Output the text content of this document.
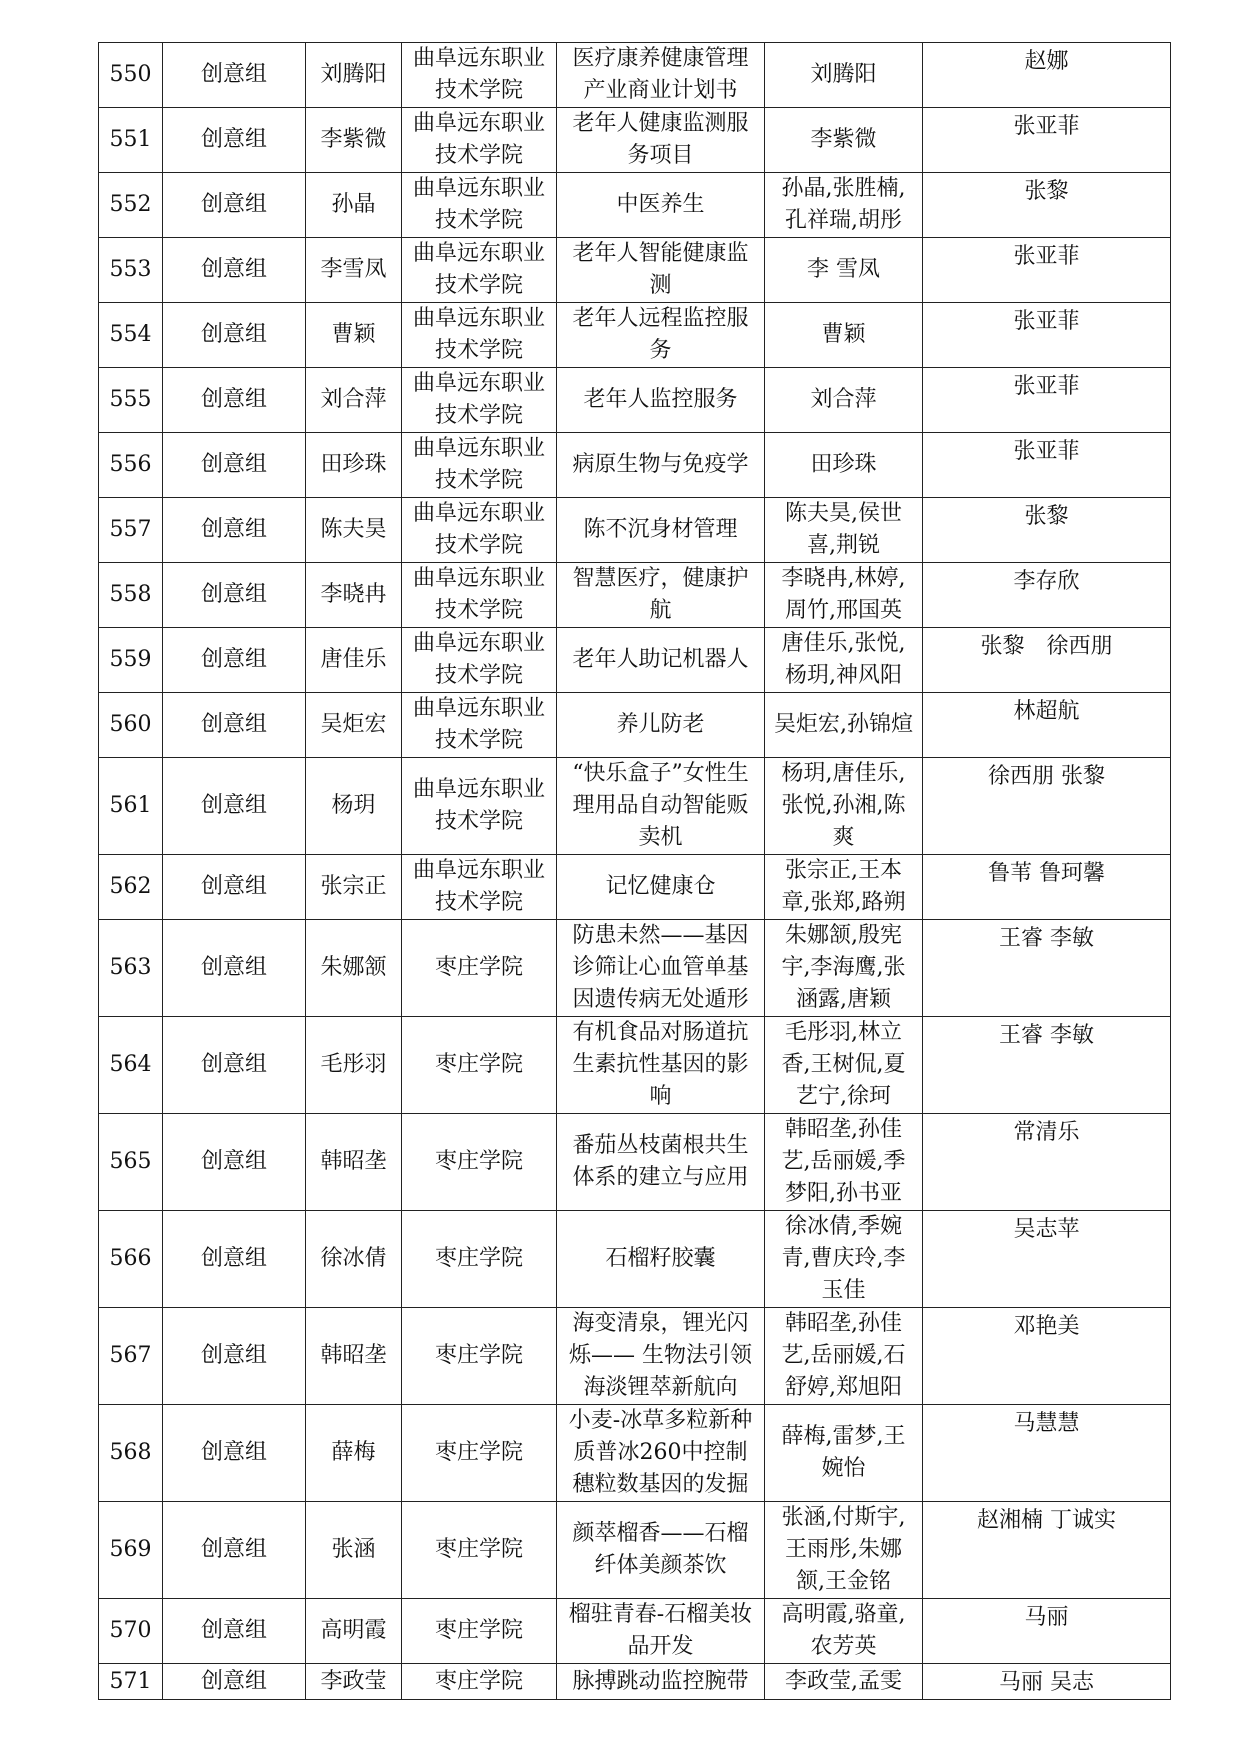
550	创意组	刘腾阳	曲阜远东职业技术学院	医疗康养健康管理产业商业计划书	刘腾阳	赵娜
551	创意组	李紫微	曲阜远东职业技术学院	老年人健康监测服务项目	李紫微	张亚菲
552	创意组	孙晶	曲阜远东职业技术学院	中医养生	孙晶,张胜楠,孔祥瑞,胡彤	张黎
553	创意组	李雪凤	曲阜远东职业技术学院	老年人智能健康监测	李 雪凤	张亚菲
554	创意组	曹颖	曲阜远东职业技术学院	老年人远程监控服务	曹颖	张亚菲
555	创意组	刘合萍	曲阜远东职业技术学院	老年人监控服务	刘合萍	张亚菲
556	创意组	田珍珠	曲阜远东职业技术学院	病原生物与免疫学	田珍珠	张亚菲
557	创意组	陈夫昊	曲阜远东职业技术学院	陈不沉身材管理	陈夫昊,侯世喜,荆锐	张黎
558	创意组	李晓冉	曲阜远东职业技术学院	智慧医疗，健康护航	李晓冉,林婷,周竹,邢国英	李存欣
559	创意组	唐佳乐	曲阜远东职业技术学院	老年人助记机器人	唐佳乐,张悦,杨玥,神风阳	张黎　徐西朋
560	创意组	吴炬宏	曲阜远东职业技术学院	养儿防老	吴炬宏,孙锦煊	林超航
561	创意组	杨玥	曲阜远东职业技术学院	“快乐盒子”女性生理用品自动智能贩卖机	杨玥,唐佳乐,张悦,孙湘,陈爽	徐西朋 张黎
562	创意组	张宗正	曲阜远东职业技术学院	记忆健康仓	张宗正,王本章,张郑,路朔	鲁苇 鲁珂馨
563	创意组	朱娜颔	枣庄学院	防患未然——基因诊筛让心血管单基因遗传病无处遁形	朱娜颔,殷宪宇,李海鹰,张涵露,唐颖	王睿 李敏
564	创意组	毛彤羽	枣庄学院	有机食品对肠道抗生素抗性基因的影响	毛彤羽,林立香,王树侃,夏艺宁,徐珂	王睿 李敏
565	创意组	韩昭垄	枣庄学院	番茄丛枝菌根共生体系的建立与应用	韩昭垄,孙佳艺,岳丽媛,季梦阳,孙书亚	常清乐
566	创意组	徐冰倩	枣庄学院	石榴籽胶囊	徐冰倩,季婉青,曹庆玲,李玉佳	吴志苹
567	创意组	韩昭垄	枣庄学院	海变清泉，锂光闪烁—— 生物法引领海淡锂萃新航向	韩昭垄,孙佳艺,岳丽媛,石舒婷,郑旭阳	邓艳美
568	创意组	薛梅	枣庄学院	小麦-冰草多粒新种质普冰260中控制穗粒数基因的发掘	薛梅,雷梦,王婉怡	马慧慧
569	创意组	张涵	枣庄学院	颜萃榴香——石榴纤体美颜茶饮	张涵,付斯宇,王雨彤,朱娜颔,王金铭	赵湘楠 丁诚实
570	创意组	高明霞	枣庄学院	榴驻青春-石榴美妆品开发	高明霞,骆童,农芳英	马丽
571	创意组	李政莹	枣庄学院	脉搏跳动监控腕带	李政莹,孟雯	马丽 吴志
